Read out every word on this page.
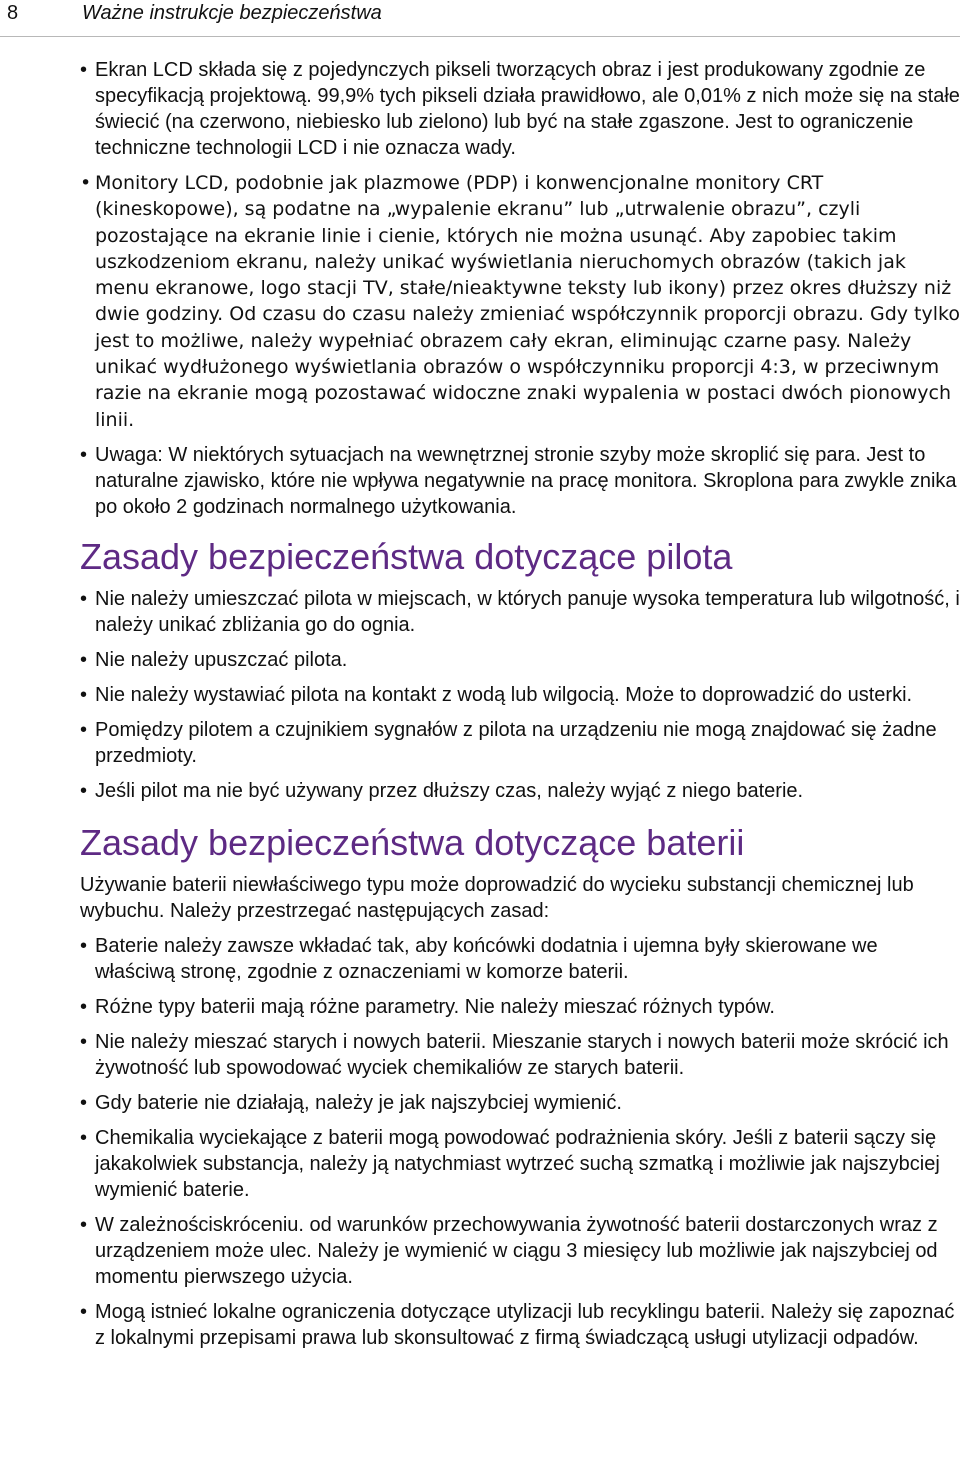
8	Ważne instrukcje bezpieczeństwa
• Ekran LCD składa się z pojedynczych pikseli tworzących obraz i jest produkowany zgodnie ze specyfikacją projektową. 99,9% tych pikseli działa prawidłowo, ale 0,01% z nich może się na stałe świecić (na czerwono, niebiesko lub zielono) lub być na stałe zgaszone. Jest to ograniczenie techniczne technologii LCD i nie oznacza wady.
• Monitory LCD, podobnie jak plazmowe (PDP) i konwencjonalne monitory CRT (kineskopowe), są podatne na „wypalenie ekranu” lub „utrwalenie obrazu”, czyli pozostające na ekranie linie i cienie, których nie można usunąć. Aby zapobiec takim uszkodzeniom ekranu, należy unikać wyświetlania nieruchomych obrazów (takich jak menu ekranowe, logo stacji TV, stałe/nieaktywne teksty lub ikony) przez okres dłuższy niż dwie godziny. Od czasu do czasu należy zmieniać współczynnik proporcji obrazu. Gdy tylko jest to możliwe, należy wypełniać obrazem cały ekran, eliminując czarne pasy. Należy unikać wydłużonego wyświetlania obrazów o współczynniku proporcji 4:3, w przeciwnym razie na ekranie mogą pozostawać widoczne znaki wypalenia w postaci dwóch pionowych linii.
• Uwaga: W niektórych sytuacjach na wewnętrznej stronie szyby może skroplić się para. Jest to naturalne zjawisko, które nie wpływa negatywnie na pracę monitora. Skroplona para zwykle znika po około 2 godzinach normalnego użytkowania.
Zasady bezpieczeństwa dotyczące pilota
• Nie należy umieszczać pilota w miejscach, w których panuje wysoka temperatura lub wilgotność, i należy unikać zbliżania go do ognia.
• Nie należy upuszczać pilota.
• Nie należy wystawiać pilota na kontakt z wodą lub wilgocią. Może to doprowadzić do usterki.
• Pomiędzy pilotem a czujnikiem sygnałów z pilota na urządzeniu nie mogą znajdować się żadne przedmioty.
• Jeśli pilot ma nie być używany przez dłuższy czas, należy wyjąć z niego baterie.
Zasady bezpieczeństwa dotyczące baterii

Używanie baterii niewłaściwego typu może doprowadzić do wycieku substancji chemicznej lub wybuchu. Należy przestrzegać następujących zasad:

• Baterie należy zawsze wkładać tak, aby końcówki dodatnia i ujemna były skierowane we właściwą stronę, zgodnie z oznaczeniami w komorze baterii.
• Różne typy baterii mają różne parametry. Nie należy mieszać różnych typów.
• Nie należy mieszać starych i nowych baterii. Mieszanie starych i nowych baterii może skrócić ich żywotność lub spowodować wyciek chemikaliów ze starych baterii.
• Gdy baterie nie działają, należy je jak najszybciej wymienić.
• Chemikalia wyciekające z baterii mogą powodować podrażnienia skóry. Jeśli z baterii sączy się jakakolwiek substancja, należy ją natychmiast wytrzeć suchą szmatką i możliwie jak najszybciej wymienić baterie.
• W zależnościskróceniu. od warunków przechowywania żywotność baterii dostarczonych wraz z urządzeniem może ulec. Należy je wymienić w ciągu 3 miesięcy lub możliwie jak najszybciej od momentu pierwszego użycia.
• Mogą istnieć lokalne ograniczenia dotyczące utylizacji lub recyklingu baterii. Należy się zapoznać z lokalnymi przepisami prawa lub skonsultować z firmą świadczącą usługi utylizacji odpadów.
